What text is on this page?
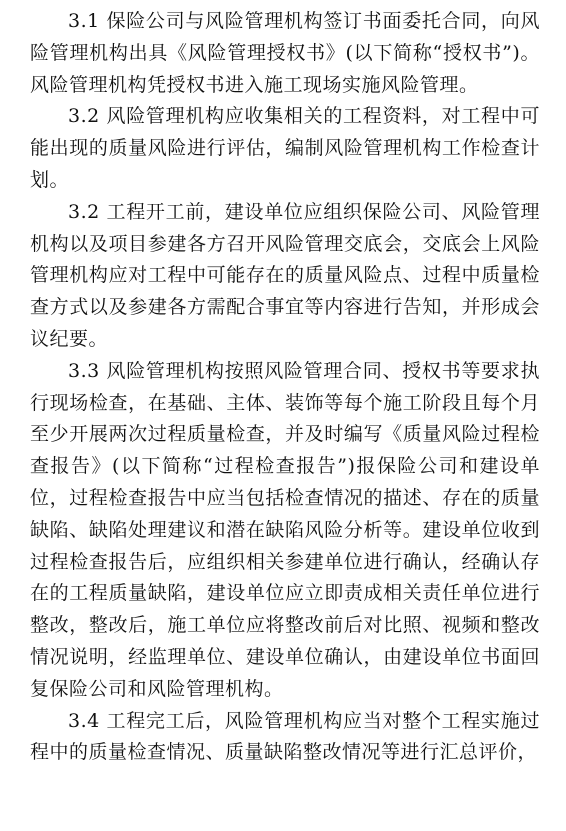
3.1 保险公司与风险管理机构签订书面委托合同，向风险管理机构出具《风险管理授权书》(以下简称“授权书”)。风险管理机构凭授权书进入施工现场实施风险管理。

3.2 风险管理机构应收集相关的工程资料，对工程中可能出现的质量风险进行评估，编制风险管理机构工作检查计划。

3.2 工程开工前，建设单位应组织保险公司、风险管理机构以及项目参建各方召开风险管理交底会，交底会上风险管理机构应对工程中可能存在的质量风险点、过程中质量检查方式以及参建各方需配合事宜等内容进行告知，并形成会议纪要。

3.3 风险管理机构按照风险管理合同、授权书等要求执行现场检查，在基础、主体、装饰等每个施工阶段且每个月至少开展两次过程质量检查，并及时编写《质量风险过程检查报告》(以下简称“过程检查报告”)报保险公司和建设单位，过程检查报告中应当包括检查情况的描述、存在的质量缺陷、缺陷处理建议和潜在缺陷风险分析等。建设单位收到过程检查报告后，应组织相关参建单位进行确认，经确认存在的工程质量缺陷，建设单位应立即责成相关责任单位进行整改，整改后，施工单位应将整改前后对比照、视频和整改情况说明，经监理单位、建设单位确认，由建设单位书面回复保险公司和风险管理机构。

3.4 工程完工后，风险管理机构应当对整个工程实施过程中的质量检查情况、质量缺陷整改情况等进行汇总评价，
